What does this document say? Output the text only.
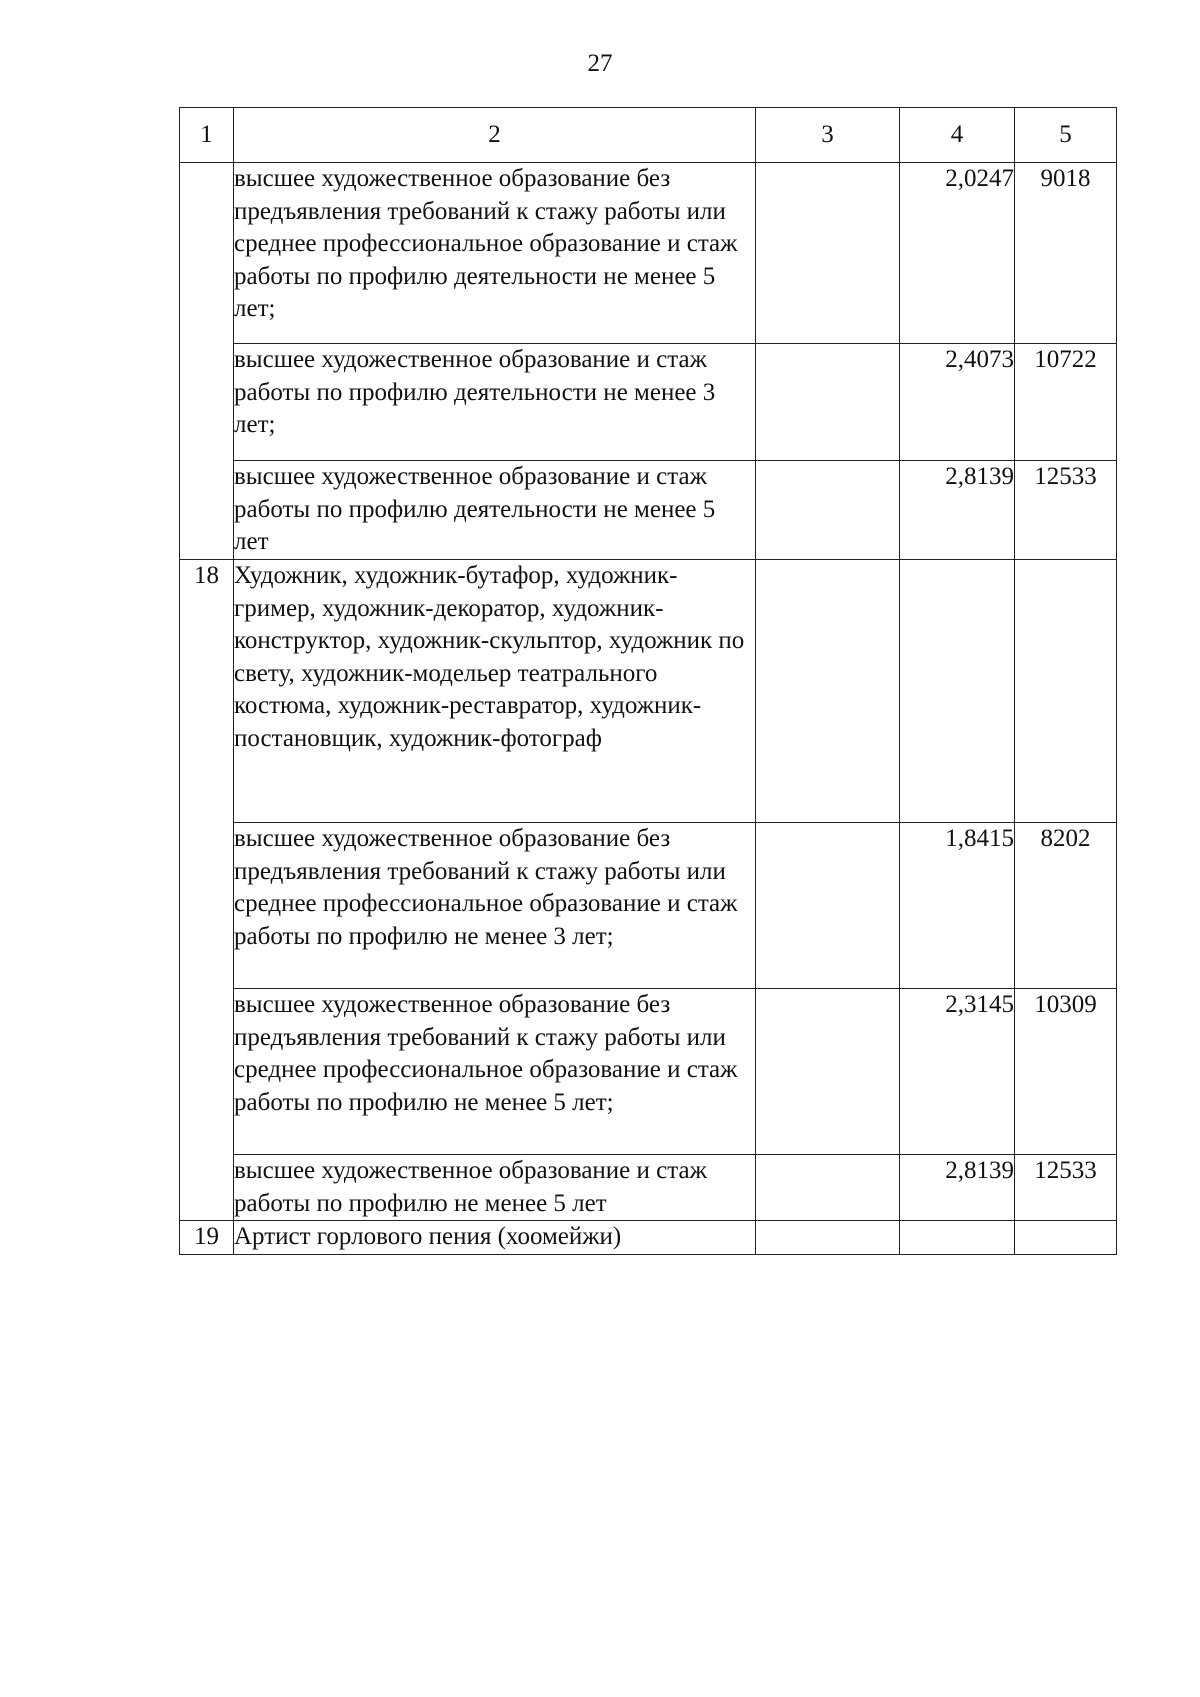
27
1	2	3	4	5
	высшее художественное образование без предъявления требований к стажу работы или среднее профессиональное образование и стаж работы по профилю деятельности не менее 5 лет;		2,0247	9018
	высшее художественное образование и стаж работы по профилю деятельности не менее 3 лет;		2,4073	10722
	высшее художественное образование и стаж работы по профилю деятельности не менее 5 лет		2,8139	12533
18	Художник, художник-бутафор, художник-гример, художник-декоратор, художник-конструктор, художник-скульптор, художник по свету, художник-модельер театрального костюма, художник-реставратор, художник-постановщик, художник-фотограф			
	высшее художественное образование без предъявления требований к стажу работы или среднее профессиональное образование и стаж работы по профилю не менее 3 лет;		1,8415	8202
	высшее художественное образование без предъявления требований к стажу работы или среднее профессиональное образование и стаж работы по профилю не менее 5 лет;		2,3145	10309
	высшее художественное образование и стаж работы по профилю не менее 5 лет		2,8139	12533
19	Артист горлового пения (хоомейжи)			
